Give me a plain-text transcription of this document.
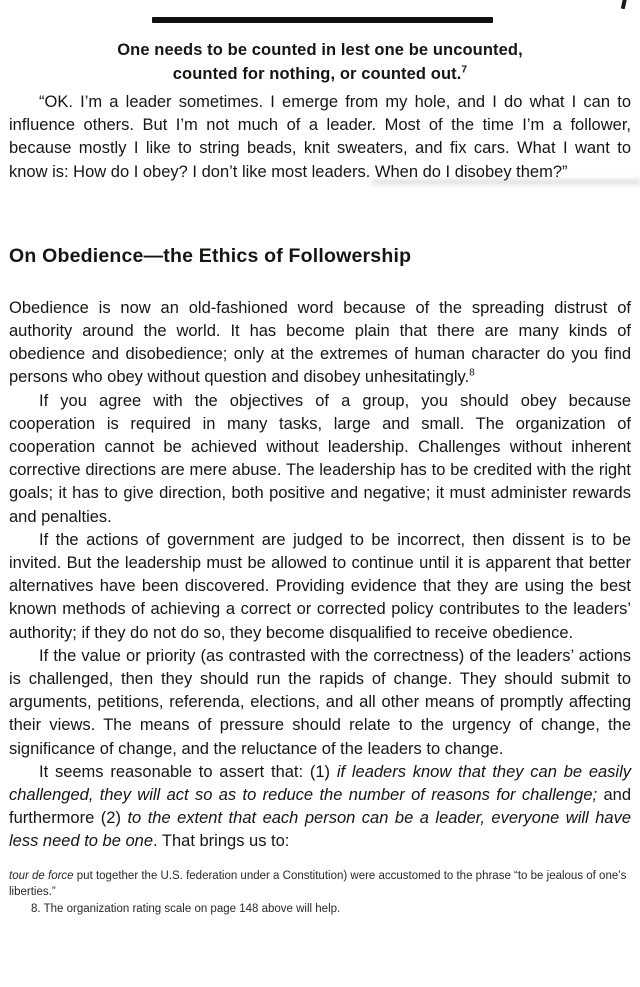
One needs to be counted in lest one be uncounted,
counted for nothing, or counted out.$^7$

“OK. I’m a leader sometimes. I emerge from my hole, and I do what I can to influence others. But I’m not much of a leader. Most of the time I’m a follower, because mostly I like to string beads, knit sweaters, and fix cars. What I want to know is: How do I obey? I don’t like most leaders. When do I disobey them?”

On Obedience—the Ethics of Followership

Obedience is now an old-fashioned word because of the spreading distrust of authority around the world. It has become plain that there are many kinds of obedience and disobedience; only at the extremes of human character do you find persons who obey without question and disobey unhesitatingly.$^8$

If you agree with the objectives of a group, you should obey because cooperation is required in many tasks, large and small. The organization of cooperation cannot be achieved without leadership. Challenges without inherent corrective directions are mere abuse. The leadership has to be credited with the right goals; it has to give direction, both positive and negative; it must administer rewards and penalties.

If the actions of government are judged to be incorrect, then dissent is to be invited. But the leadership must be allowed to continue until it is apparent that better alternatives have been discovered. Providing evidence that they are using the best known methods of achieving a correct or corrected policy contributes to the leaders’ authority; if they do not do so, they become disqualified to receive obedience.

If the value or priority (as contrasted with the correctness) of the leaders’ actions is challenged, then they should run the rapids of change. They should submit to arguments, petitions, referenda, elections, and all other means of promptly affecting their views. The means of pressure should relate to the urgency of change, the significance of change, and the reluctance of the leaders to change.

It seems reasonable to assert that: (1) if leaders know that they can be easily challenged, they will act so as to reduce the number of reasons for challenge; and furthermore (2) to the extent that each person can be a leader, everyone will have less need to be one. That brings us to:

tour de force put together the U.S. federation under a Constitution) were accustomed to the phrase “to be jealous of one’s liberties.”

8. The organization rating scale on page 148 above will help.
